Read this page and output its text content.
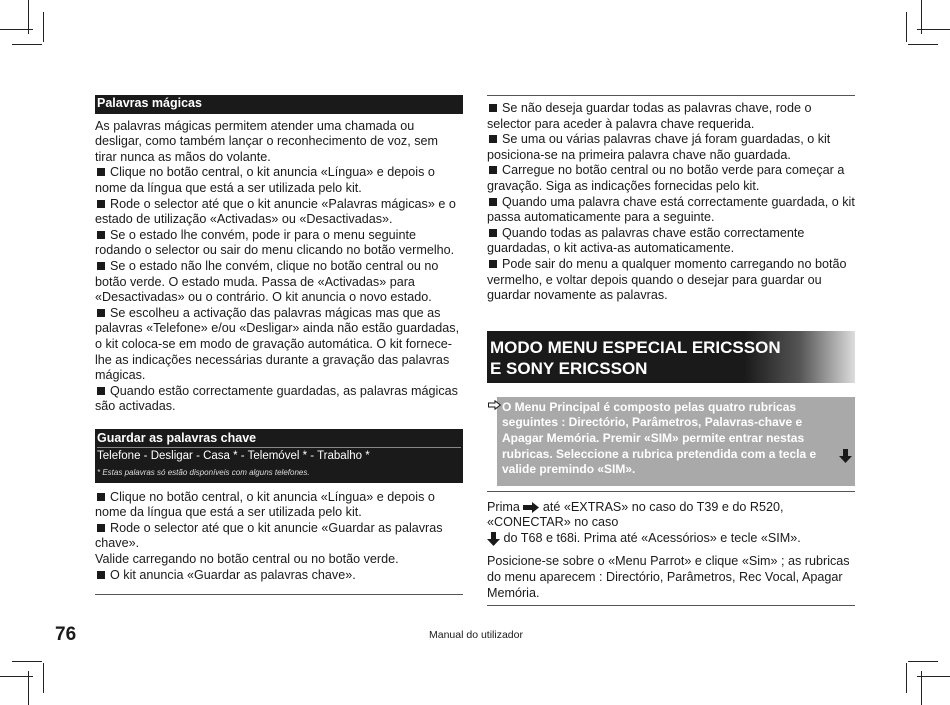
Palavras mágicas

As palavras mágicas permitem atender uma chamada ou desligar, como também lançar o reconhecimento de voz, sem tirar nunca as mãos do volante.

Clique no botão central, o kit anuncia «Língua» e depois o nome da língua que está a ser utilizada pelo kit.

Rode o selector até que o kit anuncie «Palavras mágicas» e o estado de utilização «Activadas» ou «Desactivadas».

Se o estado lhe convém, pode ir para o menu seguinte rodando o selector ou sair do menu clicando no botão vermelho.

Se o estado não lhe convém, clique no botão central ou no botão verde. O estado muda. Passa de «Activadas» para «Desactivadas» ou o contrário. O kit anuncia o novo estado.

Se escolheu a activação das palavras mágicas mas que as palavras «Telefone» e/ou «Desligar» ainda não estão guardadas, o kit coloca-se em modo de gravação automática. O kit fornece-lhe as indicações necessárias durante a gravação das palavras mágicas.

Quando estão correctamente guardadas, as palavras mágicas são activadas.

Guardar as palavras chave
Telefone - Desligar - Casa * - Telemóvel * - Trabalho *
* Estas palavras só estão disponíveis com alguns telefones.

Clique no botão central, o kit anuncia «Língua» e depois o nome da língua que está a ser utilizada pelo kit.

Rode o selector até que o kit anuncie «Guardar as palavras chave».

Valide carregando no botão central ou no botão verde.

O kit anuncia «Guardar as palavras chave».

Se não deseja guardar todas as palavras chave, rode o selector para aceder à palavra chave requerida.

Se uma ou várias palavras chave já foram guardadas, o kit posiciona-se na primeira palavra chave não guardada.

Carregue no botão central ou no botão verde para começar a gravação. Siga as indicações fornecidas pelo kit.

Quando uma palavra chave está correctamente guardada, o kit passa automaticamente para a seguinte.

Quando todas as palavras chave estão correctamente guardadas, o kit activa-as automaticamente.

Pode sair do menu a qualquer momento carregando no botão vermelho, e voltar depois quando o desejar para guardar ou guardar novamente as palavras.

MODO MENU ESPECIAL ERICSSON
E SONY ERICSSON
O Menu Principal é composto pelas quatro rubricas seguintes : Directório, Parâmetros, Palavras-chave e Apagar Memória. Premir «SIM» permite entrar nestas rubricas. Seleccione a rubrica pretendida com a tecla e valide premindo «SIM».

Prima até «EXTRAS» no caso do T39 e do R520, «CONECTAR» no caso

do T68 e t68i. Prima até «Acessórios» e tecle «SIM».

Posicione-se sobre o «Menu Parrot» e clique «Sim» ; as rubricas do menu aparecem : Directório, Parâmetros, Rec Vocal, Apagar Memória.

76	Manual do utilizador
